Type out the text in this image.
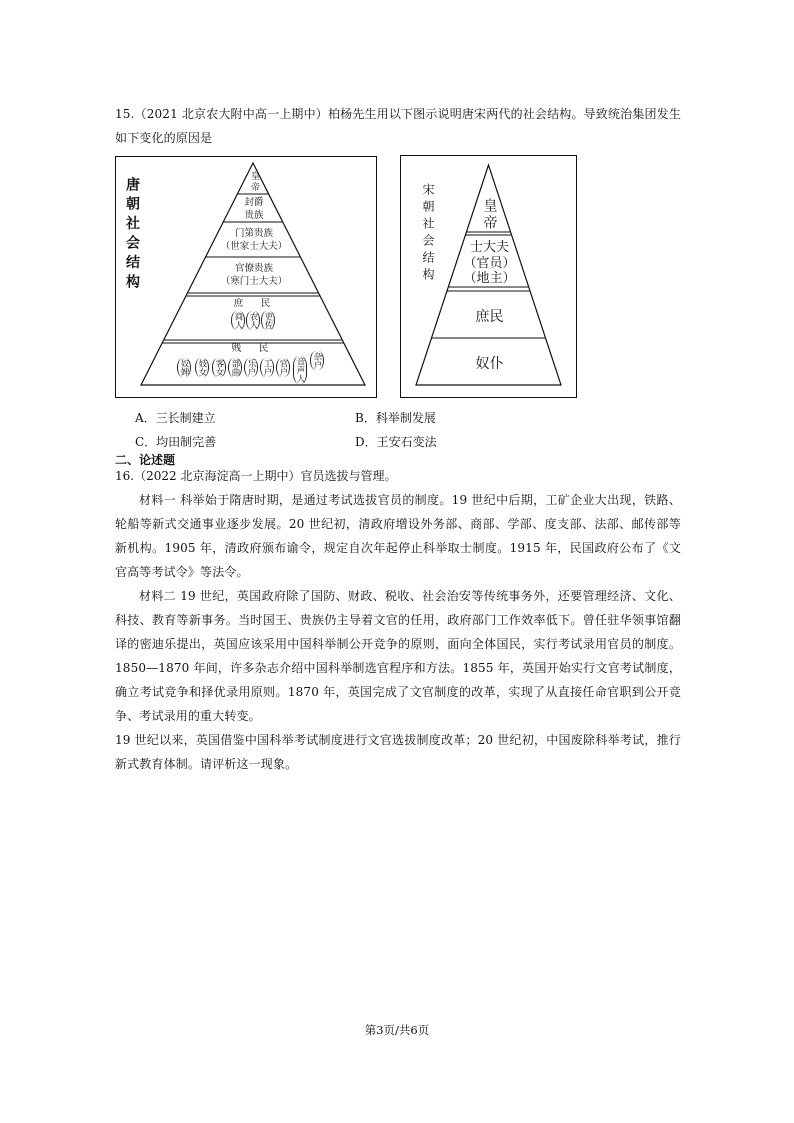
15.（2021 北京农大附中高一上期中）柏杨先生用以下图示说明唐宋两代的社会结构。导致统治集团发生如下变化的原因是

唐朝社会结构	皇帝
封爵
贵族
门第贵族
（世家士大夫）
官僚贵族
（寒门士大夫）
庶　民
商人 农人 吏佐
贱　民
奴婢 妓女 客女 部曲 乐户 工户 官户 音声人 杂户
宋朝社会结构	皇帝
士大夫
（官员）
（地主）
庶民
奴仆
A．三长制建立	B．科举制发展
C．均田制完善	D．王安石变法
二、论述题

16.（2022 北京海淀高一上期中）官员选拔与管理。

材料一 科举始于隋唐时期，是通过考试选拔官员的制度。19 世纪中后期，工矿企业大出现，铁路、轮船等新式交通事业逐步发展。20 世纪初，清政府增设外务部、商部、学部、度支部、法部、邮传部等新机构。1905 年，清政府颁布谕令，规定自次年起停止科举取士制度。1915 年，民国政府公布了《文官高等考试令》等法令。

材料二 19 世纪，英国政府除了国防、财政、税收、社会治安等传统事务外，还要管理经济、文化、科技、教育等新事务。当时国王、贵族仍主导着文官的任用，政府部门工作效率低下。曾任驻华领事馆翻译的密迪乐提出，英国应该采用中国科举制公开竞争的原则，面向全体国民，实行考试录用官员的制度。1850—1870 年间，许多杂志介绍中国科举制选官程序和方法。1855 年，英国开始实行文官考试制度，确立考试竞争和择优录用原则。1870 年，英国完成了文官制度的改革，实现了从直接任命官职到公开竞争、考试录用的重大转变。

19 世纪以来，英国借鉴中国科举考试制度进行文官选拔制度改革；20 世纪初，中国废除科举考试，推行新式教育体制。请评析这一现象。

第3页/共6页
